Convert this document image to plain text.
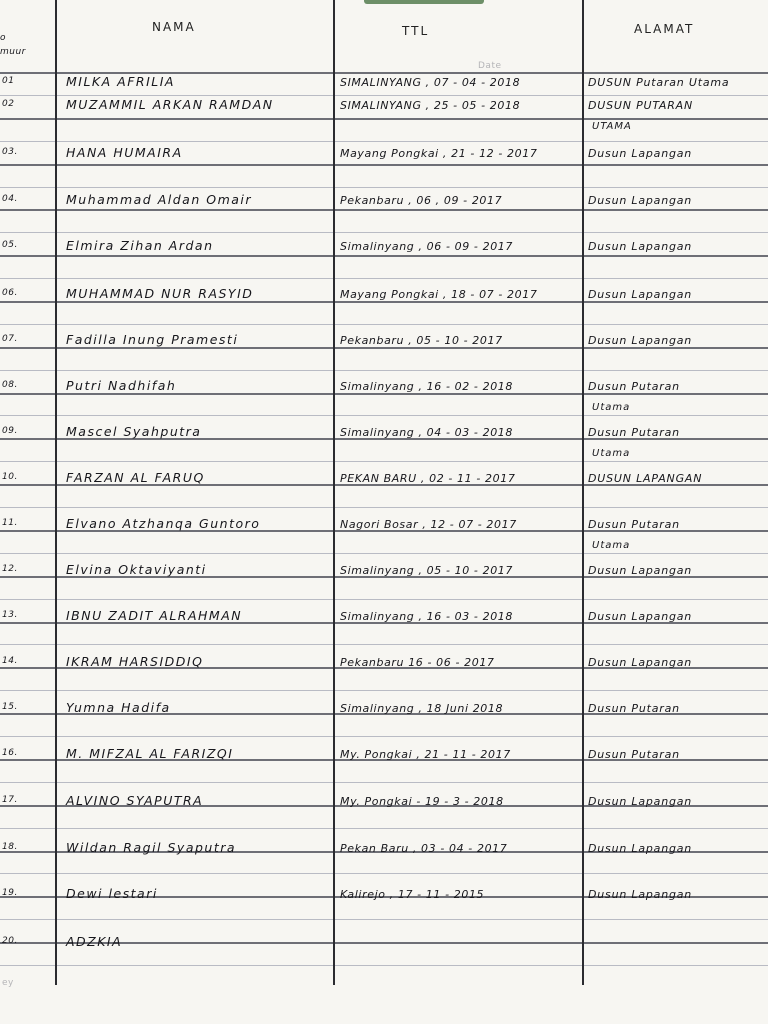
o
muur
NAMA	TTL	ALAMAT
Date
01	MILKA AFRILIA	SIMALINYANG , 07 - 04 - 2018	DUSUN Putaran Utama
02	MUZAMMIL ARKAN RAMDAN	SIMALINYANG , 25 - 05 - 2018	DUSUN PUTARAN
UTAMA
03.	HANA HUMAIRA	Mayang Pongkai , 21 - 12 - 2017	Dusun Lapangan
04.	Muhammad Aldan Omair	Pekanbaru , 06 , 09 - 2017	Dusun Lapangan
05.	Elmira Zihan Ardan	Simalinyang , 06 - 09 - 2017	Dusun Lapangan
06.	MUHAMMAD NUR RASYID	Mayang Pongkai , 18 - 07 - 2017	Dusun Lapangan
07.	Fadilla Inung Pramesti	Pekanbaru , 05 - 10 - 2017	Dusun Lapangan
08.	Putri Nadhifah	Simalinyang , 16 - 02 - 2018	Dusun Putaran
Utama
09.	Mascel Syahputra	Simalinyang , 04 - 03 - 2018	Dusun Putaran
Utama
10.	FARZAN AL FARUQ	PEKAN BARU , 02 - 11 - 2017	DUSUN LAPANGAN
11.	Elvano Atzhanqa Guntoro	Nagori Bosar , 12 - 07 - 2017	Dusun Putaran
Utama
12.	Elvina Oktaviyanti	Simalinyang , 05 - 10 - 2017	Dusun Lapangan
13.	IBNU ZADIT ALRAHMAN	Simalinyang , 16 - 03 - 2018	Dusun Lapangan
14.	IKRAM HARSIDDIQ	Pekanbaru 16 - 06 - 2017	Dusun Lapangan
15.	Yumna Hadifa	Simalinyang , 18 Juni 2018	Dusun Putaran
16.	M. MIFZAL AL FARIZQI	My. Pongkai , 21 - 11 - 2017	Dusun Putaran
17.	ALVINO SYAPUTRA	My. Pongkai - 19 - 3 - 2018	Dusun Lapangan
18.	Wildan Ragil Syaputra	Pekan Baru , 03 - 04 - 2017	Dusun Lapangan
19.	Dewi lestari	Kalirejo , 17 - 11 - 2015	Dusun Lapangan
20.	ADZKIA
ey
